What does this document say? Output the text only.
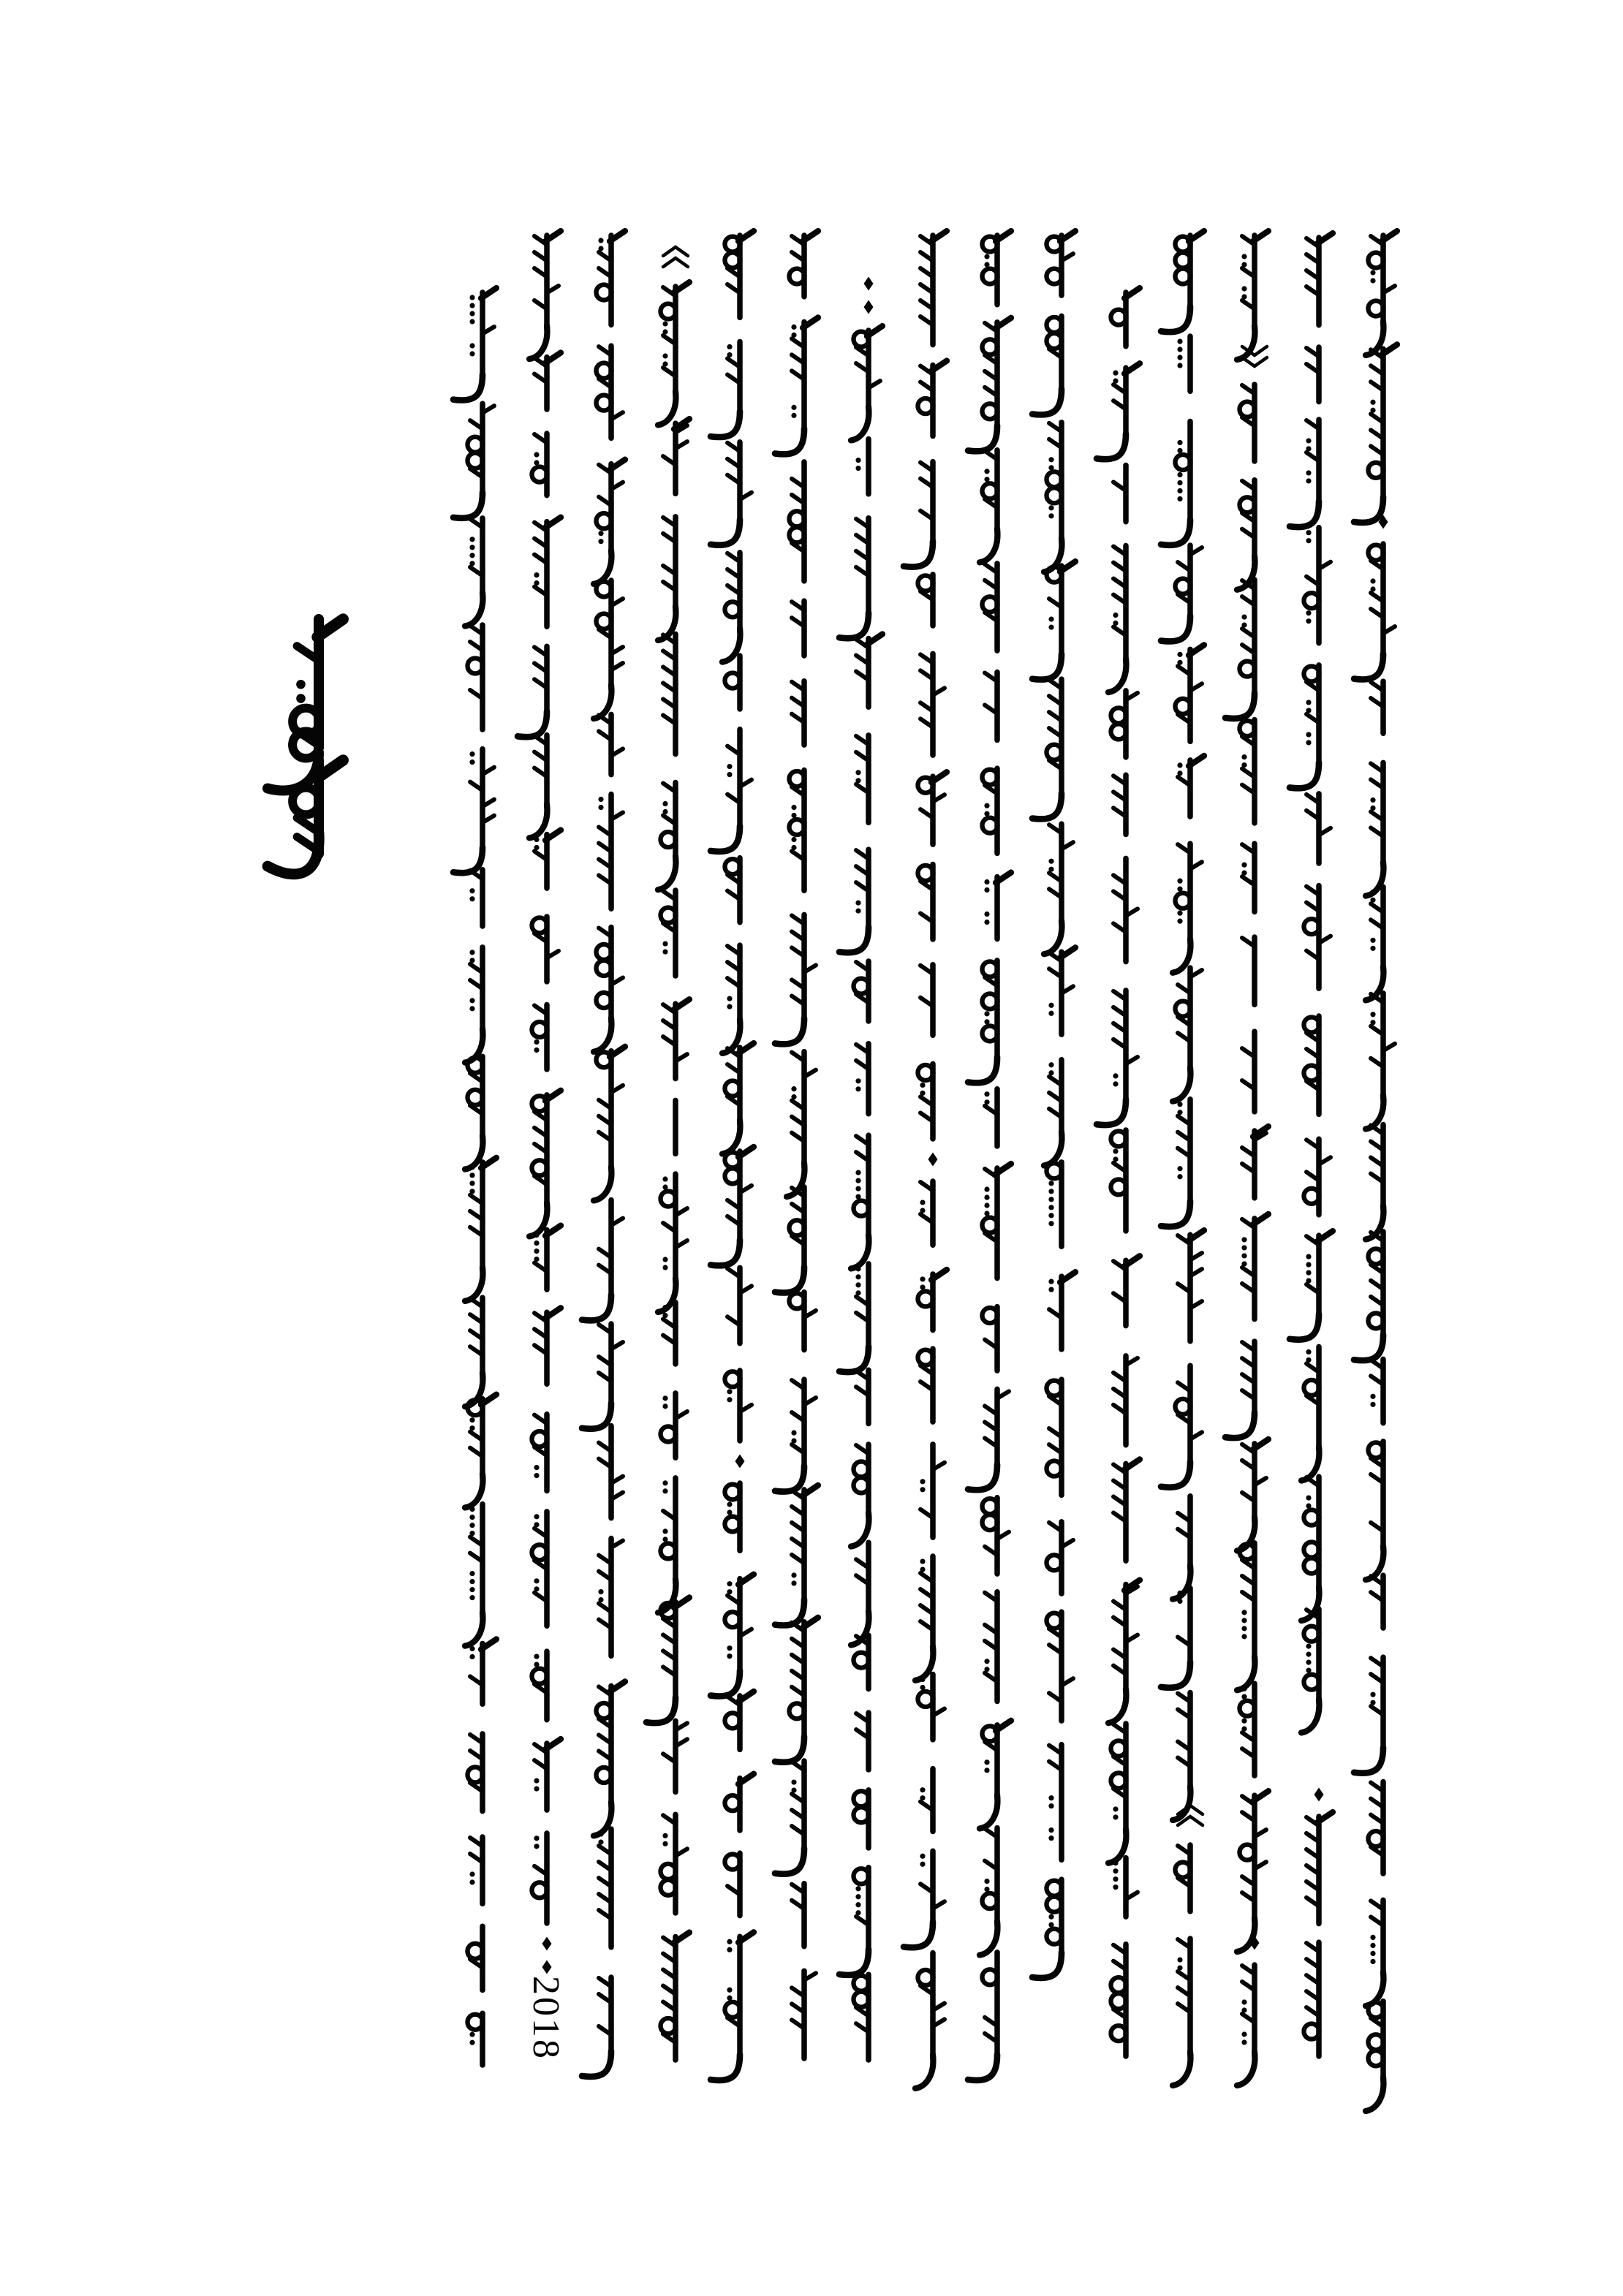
2018
